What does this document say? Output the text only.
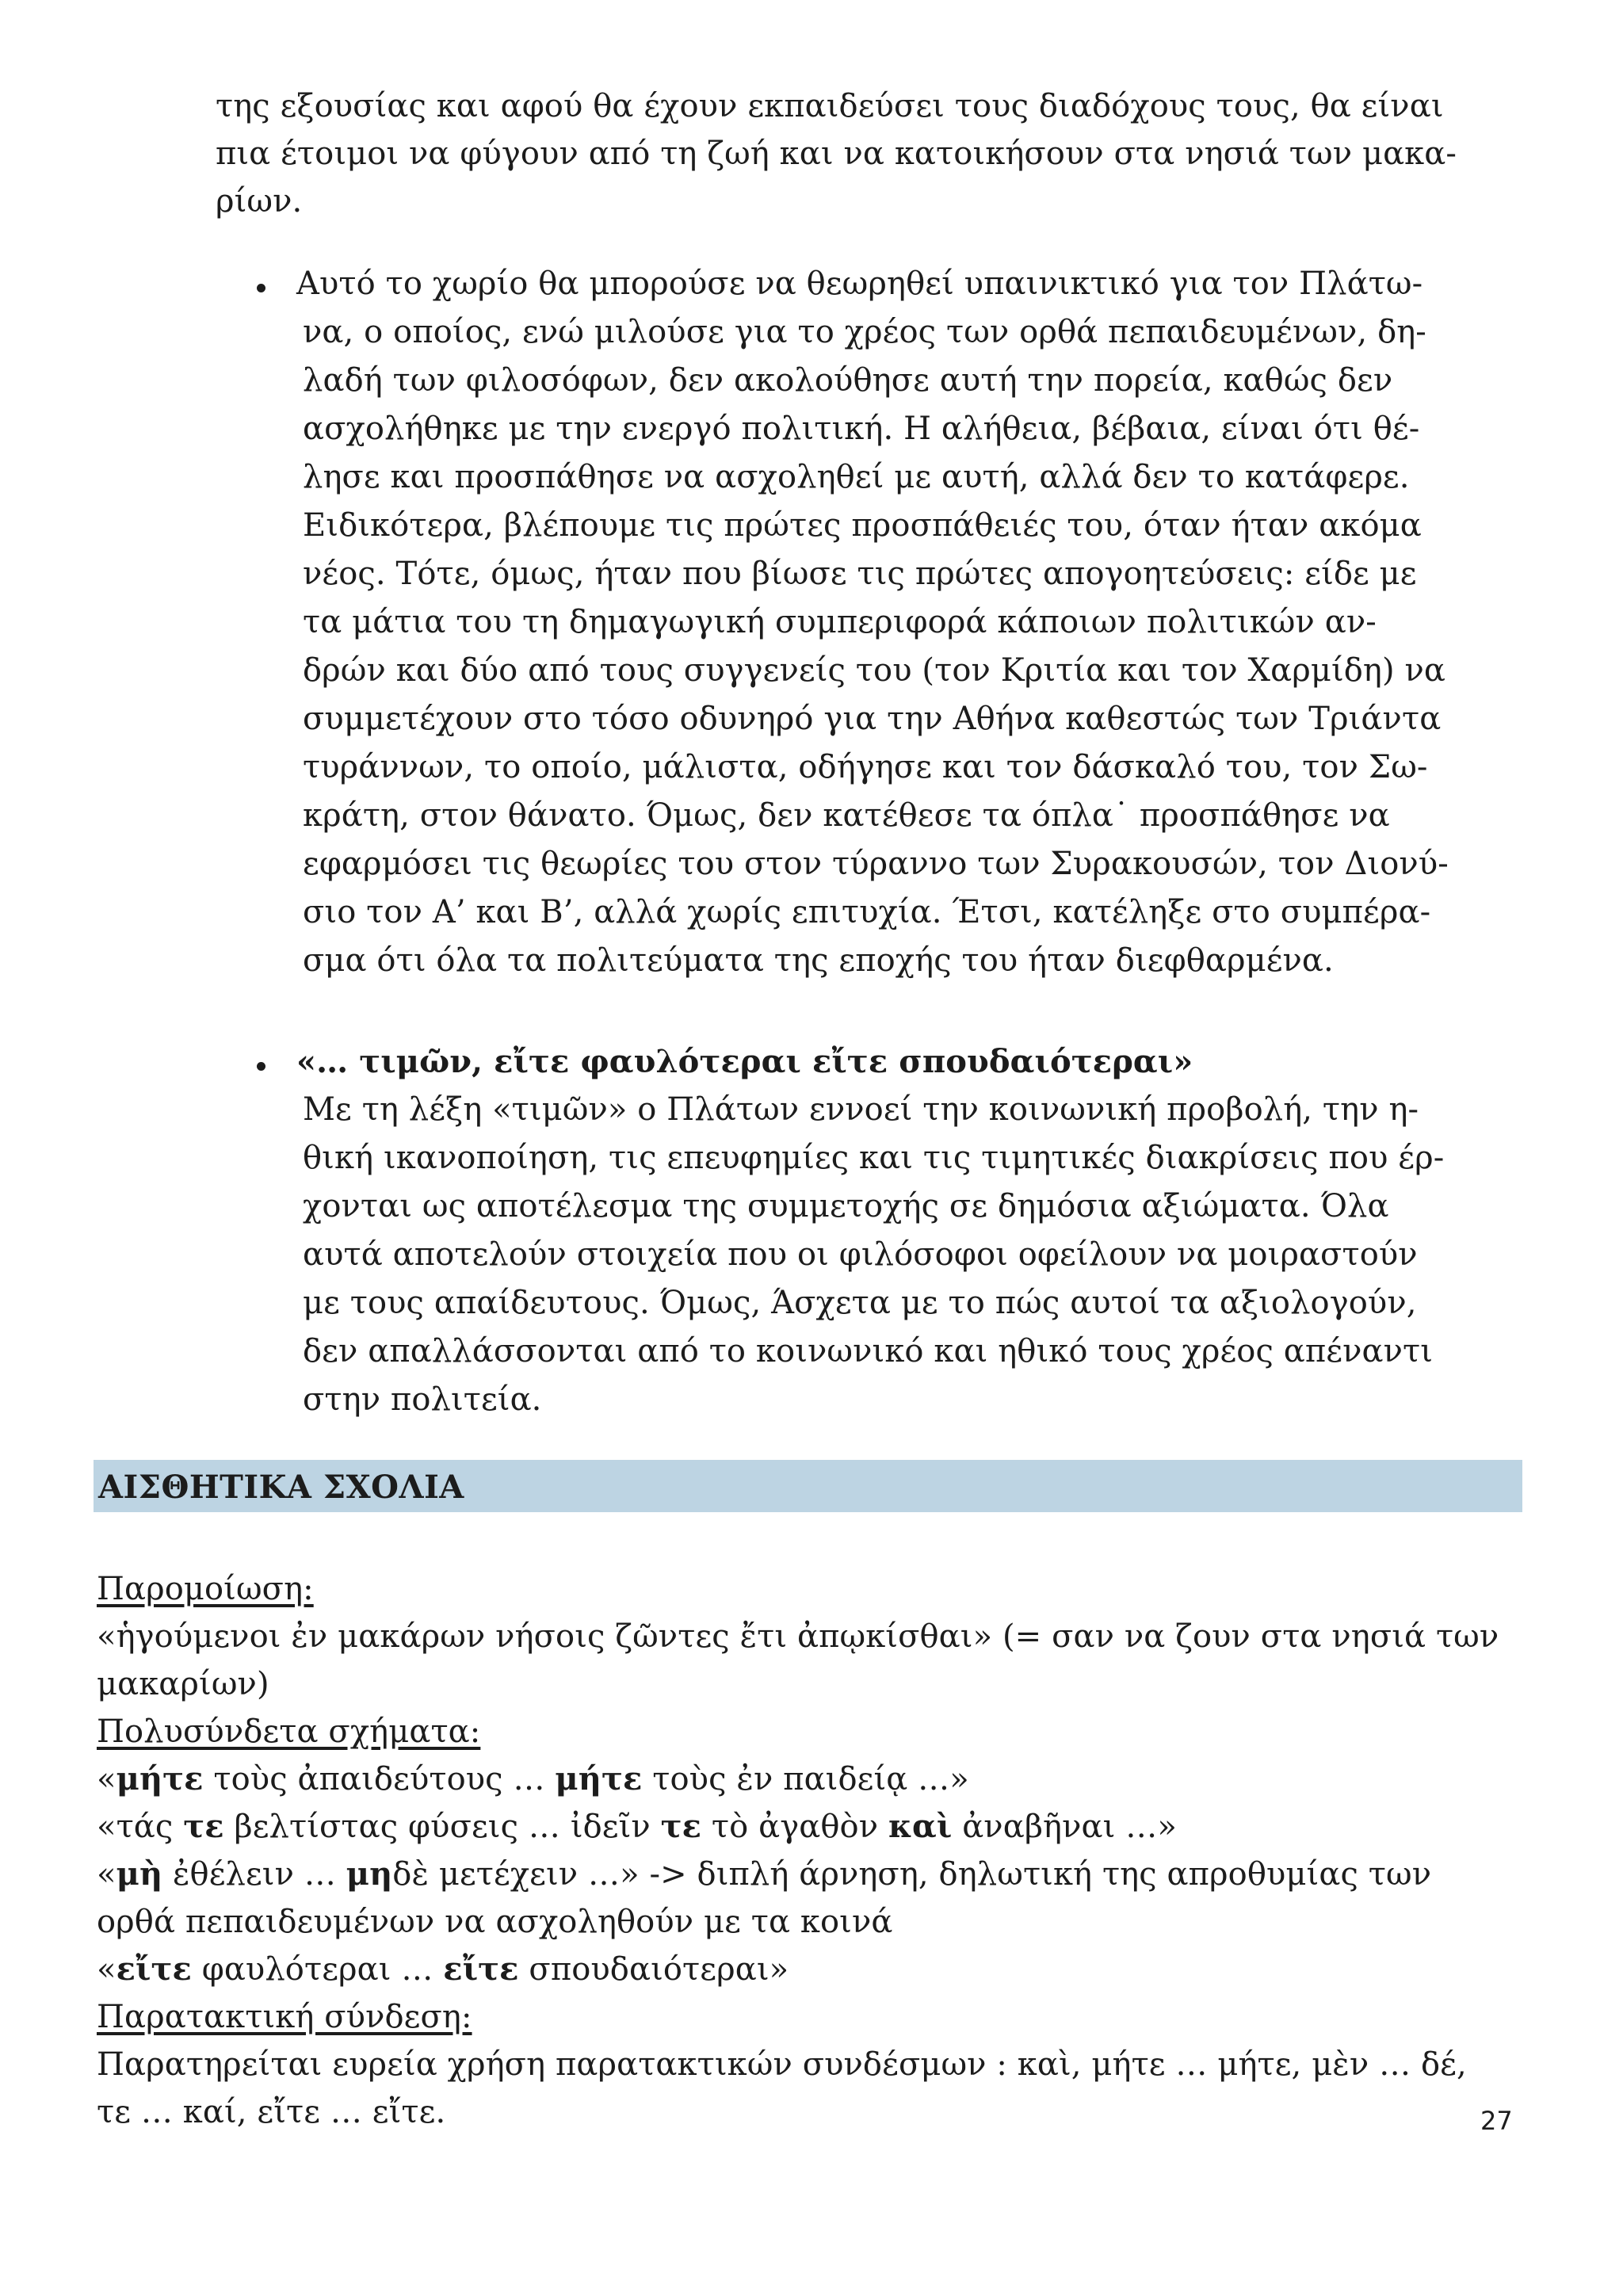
της εξουσίας και αφού θα έχουν εκπαιδεύσει τους διαδόχους τους, θα είναι
πια έτοιμοι να φύγουν από τη ζωή και να κατοικήσουν στα νησιά των μακα-
ρίων.
Αυτό το χωρίο θα μπορούσε να θεωρηθεί υπαινικτικό για τον Πλάτω-
να, ο οποίος, ενώ μιλούσε για το χρέος των ορθά πεπαιδευμένων, δη-
λαδή των φιλοσόφων, δεν ακολούθησε αυτή την πορεία, καθώς δεν
ασχολήθηκε με την ενεργό πολιτική. Η αλήθεια, βέβαια, είναι ότι θέ-
λησε και προσπάθησε να ασχοληθεί με αυτή, αλλά δεν το κατάφερε.
Ειδικότερα, βλέπουμε τις πρώτες προσπάθειές του, όταν ήταν ακόμα
νέος. Τότε, όμως, ήταν που βίωσε τις πρώτες απογοητεύσεις: είδε με
τα μάτια του τη δημαγωγική συμπεριφορά κάποιων πολιτικών αν-
δρών και δύο από τους συγγενείς του (τον Κριτία και τον Χαρμίδη) να
συμμετέχουν στο τόσο οδυνηρό για την Αθήνα καθεστώς των Τριάντα
τυράννων, το οποίο, μάλιστα, οδήγησε και τον δάσκαλό του, τον Σω-
κράτη, στον θάνατο. Όμως, δεν κατέθεσε τα όπλα˙ προσπάθησε να
εφαρμόσει τις θεωρίες του στον τύραννο των Συρακουσών, τον Διονύ-
σιο τον Α’ και Β’, αλλά χωρίς επιτυχία. Έτσι, κατέληξε στο συμπέρα-
σμα ότι όλα τα πολιτεύματα της εποχής του ήταν διεφθαρμένα.
«… τιμῶν, εἴτε φαυλότεραι εἴτε σπουδαιότεραι»
Με τη λέξη «τιμῶν» ο Πλάτων εννοεί την κοινωνική προβολή, την η-
θική ικανοποίηση, τις επευφημίες και τις τιμητικές διακρίσεις που έρ-
χονται ως αποτέλεσμα της συμμετοχής σε δημόσια αξιώματα. Όλα
αυτά αποτελούν στοιχεία που οι φιλόσοφοι οφείλουν να μοιραστούν
με τους απαίδευτους. Όμως, Άσχετα με το πώς αυτοί τα αξιολογούν,
δεν απαλλάσσονται από το κοινωνικό και ηθικό τους χρέος απέναντι
στην πολιτεία.
ΑΙΣΘΗΤΙΚΑ ΣΧΟΛΙΑ
Παρομοίωση:
«ἡγούμενοι ἐν μακάρων νήσοις ζῶντες ἔτι ἀπῳκίσθαι» (= σαν να ζουν στα νησιά των
μακαρίων)
Πολυσύνδετα σχήματα:
«μήτε τοὺς ἀπαιδεύτους … μήτε τοὺς ἐν παιδείᾳ …»
«τάς τε βελτίστας φύσεις … ἰδεῖν τε τὸ ἀγαθὸν καὶ ἀναβῆναι …»
«μὴ ἐθέλειν … μηδὲ μετέχειν …» -> διπλή άρνηση, δηλωτική της απροθυμίας των
ορθά πεπαιδευμένων να ασχοληθούν με τα κοινά
«εἴτε φαυλότεραι … εἴτε σπουδαιότεραι»
Παρατακτική σύνδεση:
Παρατηρείται ευρεία χρήση παρατακτικών συνδέσμων : καὶ, μήτε … μήτε, μὲν … δέ,
τε … καί, εἴτε … εἴτε.	27
